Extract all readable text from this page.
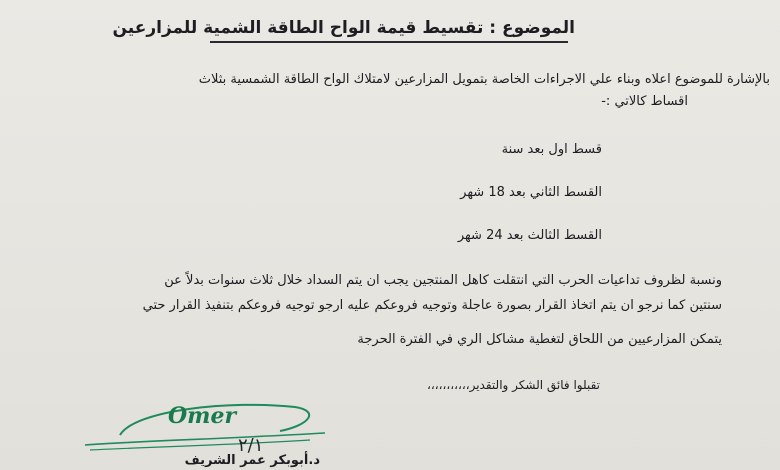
الموضوع : تقسيط قيمة الواح الطاقة الشمية للمزارعين
بالإشارة للموضوع اعلاه وبناء علي الاجراءات الخاصة بتمويل المزارعين لامتلاك الواح الطاقة الشمسية بثلاث
اقساط كالاتي :-
قسط اول بعد سنة
القسط الثاني بعد 18 شهر
القسط الثالث بعد 24 شهر
ونسبة لظروف تداعيات الحرب التي انتقلت كاهل المنتجين يجب ان يتم السداد خلال ثلاث سنوات بدلاً عن
سنتين كما نرجو ان يتم اتخاذ القرار بصورة عاجلة وتوجيه فروعكم عليه ارجو توجيه فروعكم بتنفيذ القرار حتي
يتمكن المزارعيين من اللحاق لتغطية مشاكل الري في الفترة الحرجة
تقبلوا فائق الشكر والتقدير،،،،،،،،،،،
Omer
٢/١
د.أبوبكر عمر الشريف
